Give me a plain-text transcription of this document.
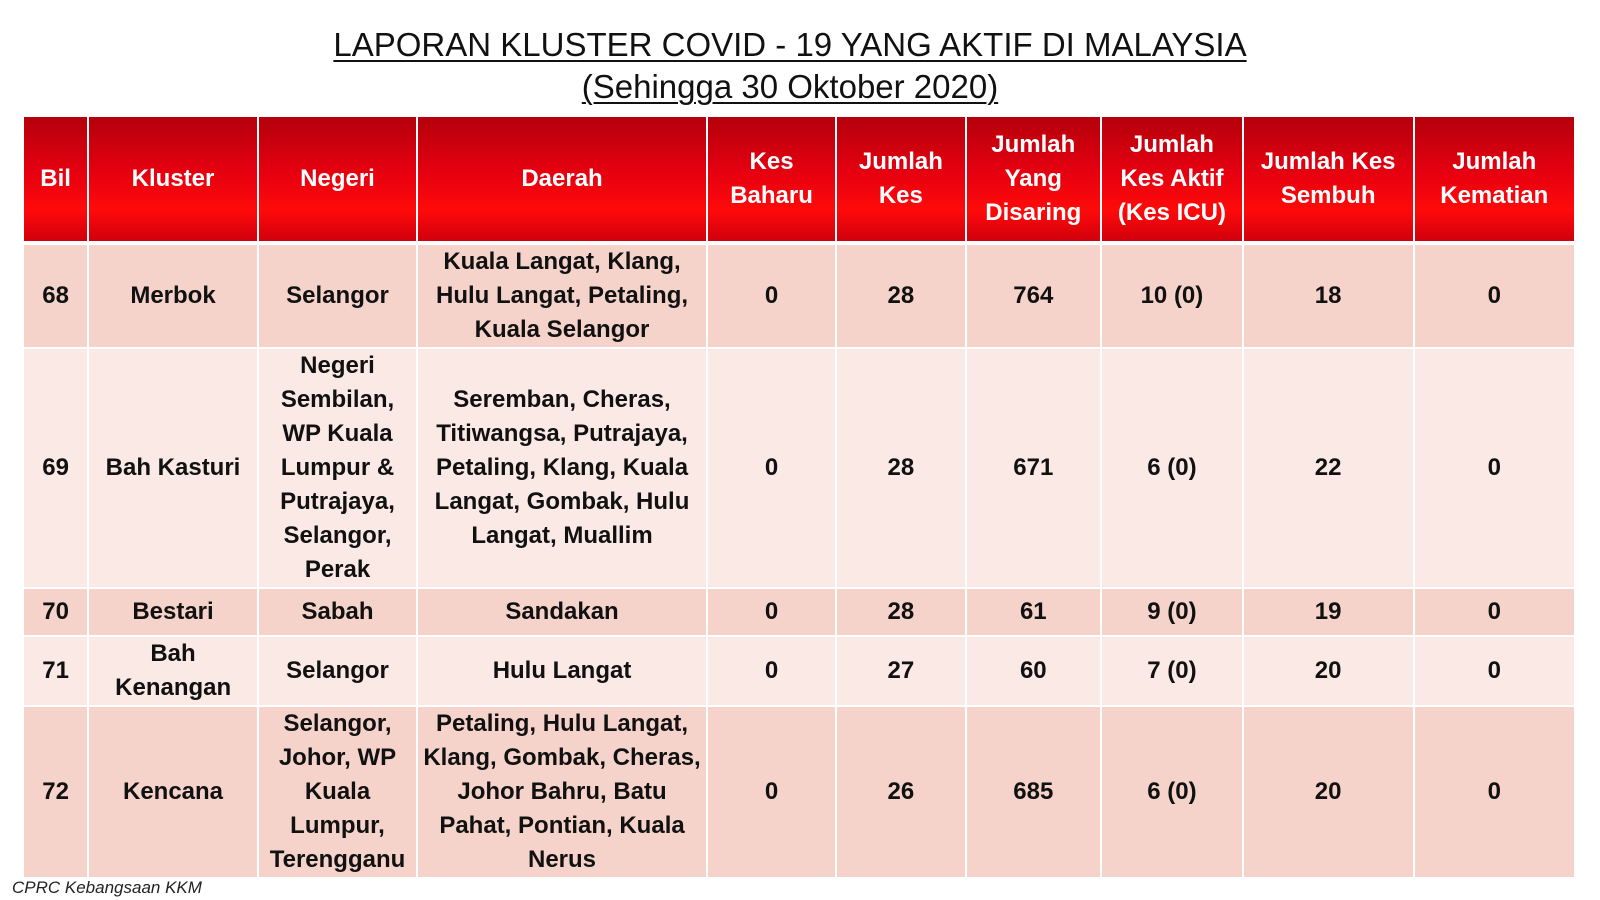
LAPORAN KLUSTER COVID - 19 YANG AKTIF DI MALAYSIA
(Sehingga 30 Oktober 2020)
Bil	Kluster	Negeri	Daerah	Kes Baharu	Jumlah Kes	Jumlah Yang Disaring	Jumlah Kes Aktif (Kes ICU)	Jumlah Kes Sembuh	Jumlah Kematian
68	Merbok	Selangor	Kuala Langat, Klang, Hulu Langat, Petaling, Kuala Selangor	0	28	764	10 (0)	18	0
69	Bah Kasturi	Negeri Sembilan, WP Kuala Lumpur & Putrajaya, Selangor, Perak	Seremban, Cheras, Titiwangsa, Putrajaya, Petaling, Klang, Kuala Langat, Gombak, Hulu Langat, Muallim	0	28	671	6 (0)	22	0
70	Bestari	Sabah	Sandakan	0	28	61	9 (0)	19	0
71	Bah Kenangan	Selangor	Hulu Langat	0	27	60	7 (0)	20	0
72	Kencana	Selangor, Johor, WP Kuala Lumpur, Terengganu	Petaling, Hulu Langat, Klang, Gombak, Cheras, Johor Bahru, Batu Pahat, Pontian, Kuala Nerus	0	26	685	6 (0)	20	0
CPRC Kebangsaan KKM
